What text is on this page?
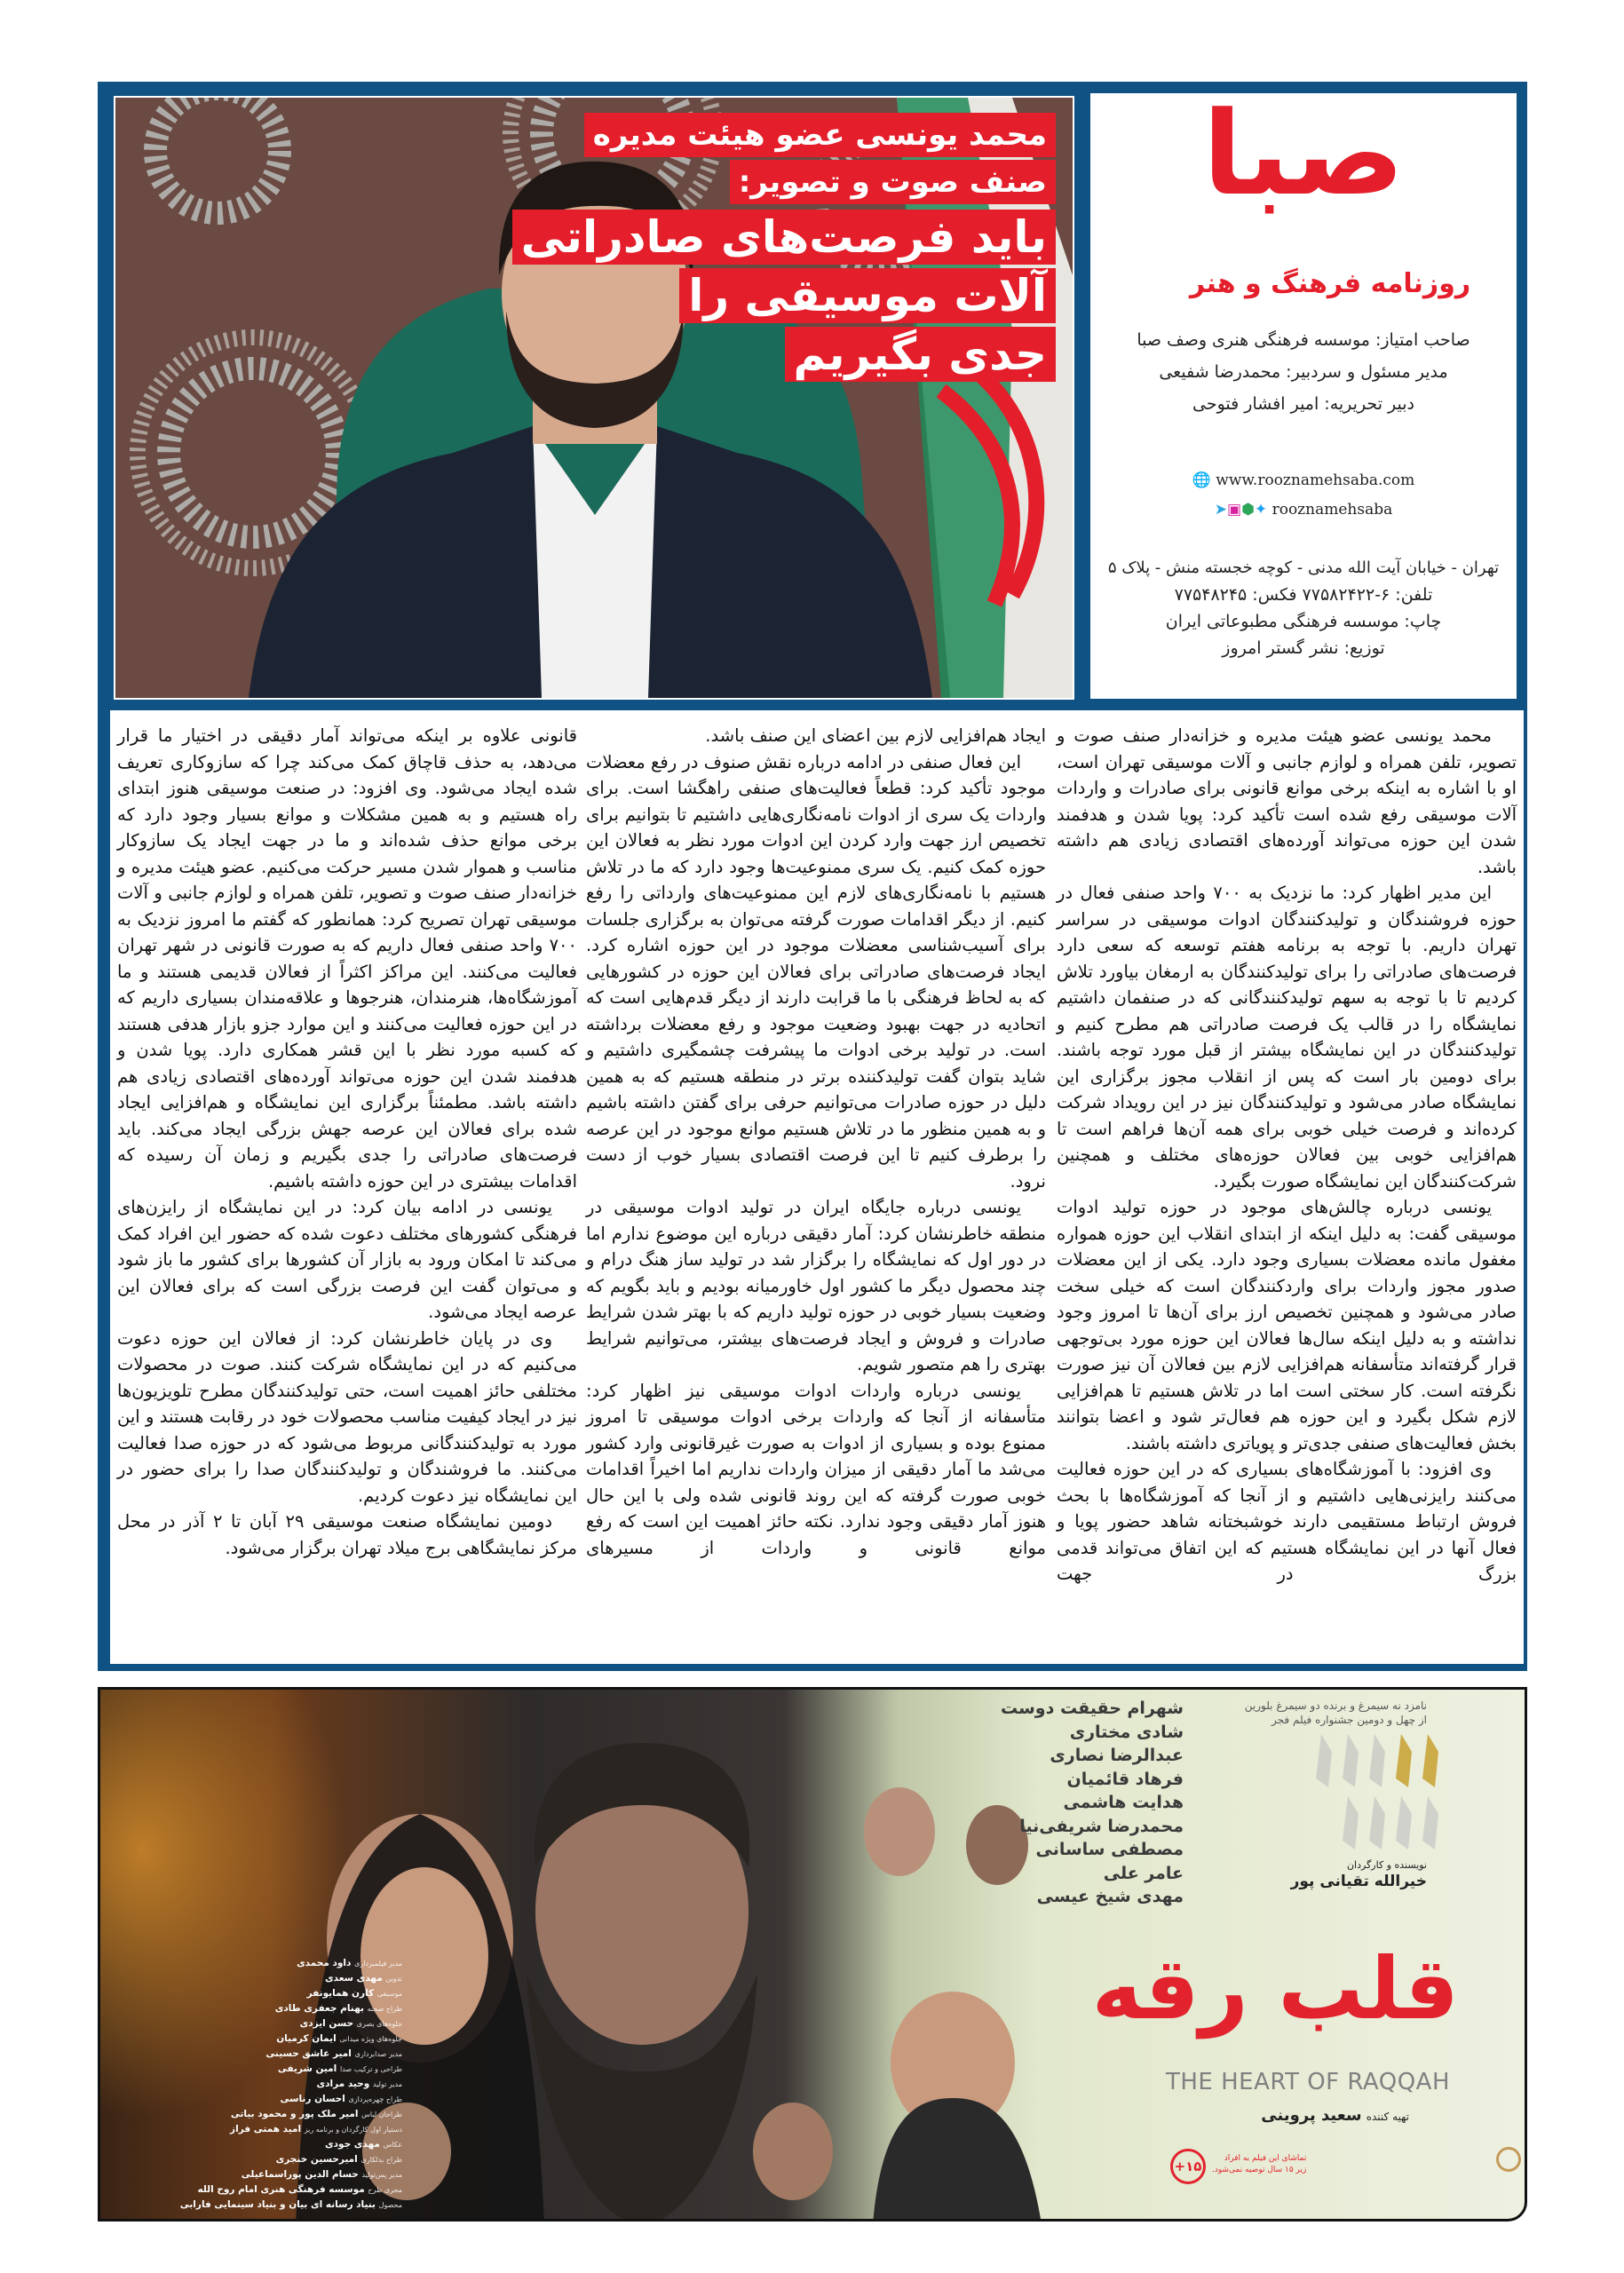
محمد یونسی عضو هیئت مدیره
صنف صوت و تصویر:
باید فرصت‌های صادراتی
آلات موسیقی را
جدی بگیریم
صبا
روزنامه فرهنگ و هنر
صاحب امتیاز: موسسه فرهنگی هنری وصف صبا
مدیر مسئول و سردبیر: محمدرضا شفیعی
دبیر تحریریه: امیر افشار فتوحی
🌐 www.rooznamehsaba.com
➤▣⬢✦ rooznamehsaba
تهران - خیابان آیت الله مدنی - کوچه خجسته منش - پلاک ۵
تلفن: ۶-۷۷۵۸۲۴۲۲ فکس: ۷۷۵۴۸۲۴۵
چاپ: موسسه فرهنگی مطبوعاتی ایران
توزیع: نشر گستر امروز

محمد یونسی عضو هیئت مدیره و خزانه‌دار صنف صوت و تصویر، تلفن همراه و لوازم جانبی و آلات موسیقی تهران است، او با اشاره به اینکه برخی موانع قانونی برای صادرات و واردات آلات موسیقی رفع شده است تأکید کرد: پویا شدن و هدفمند شدن این حوزه می‌تواند آورده‌های اقتصادی زیادی هم داشته باشد.

این مدیر اظهار کرد: ما نزدیک به ۷۰۰ واحد صنفی فعال در حوزه فروشندگان و تولیدکنندگان ادوات موسیقی در سراسر تهران داریم. با توجه به برنامه هفتم توسعه که سعی دارد فرصت‌های صادراتی را برای تولیدکنندگان به ارمغان بیاورد تلاش کردیم تا با توجه به سهم تولیدکنندگانی که در صنفمان داشتیم نمایشگاه را در قالب یک فرصت صادراتی هم مطرح کنیم و تولیدکنندگان در این نمایشگاه بیشتر از قبل مورد توجه باشند. برای دومین بار است که پس از انقلاب مجوز برگزاری این نمایشگاه صادر می‌شود و تولیدکنندگان نیز در این رویداد شرکت کرده‌اند و فرصت خیلی خوبی برای همه آن‌ها فراهم است تا هم‌افزایی خوبی بین فعالان حوزه‌های مختلف و همچنین شرکت‌کنندگان این نمایشگاه صورت بگیرد.

یونسی درباره چالش‌های موجود در حوزه تولید ادوات موسیقی گفت: به دلیل اینکه از ابتدای انقلاب این حوزه همواره مغفول مانده معضلات بسیاری وجود دارد. یکی از این معضلات صدور مجوز واردات برای واردکنندگان است که خیلی سخت صادر می‌شود و همچنین تخصیص ارز برای آن‌ها تا امروز وجود نداشته و به دلیل اینکه سال‌ها فعالان این حوزه مورد بی‌توجهی قرار گرفته‌اند متأسفانه هم‌افزایی لازم بین فعالان آن نیز صورت نگرفته است. کار سختی است اما در تلاش هستیم تا هم‌افزایی لازم شکل بگیرد و این حوزه هم فعال‌تر شود و اعضا بتوانند بخش فعالیت‌های صنفی جدی‌تر و پویاتری داشته باشند.

وی افزود: با آموزشگاه‌های بسیاری که در این حوزه فعالیت می‌کنند رایزنی‌هایی داشتیم و از آنجا که آموزشگاه‌ها با بحث فروش ارتباط مستقیمی دارند خوشبختانه شاهد حضور پویا و فعال آنها در این نمایشگاه هستیم که این اتفاق می‌تواند قدمی بزرگ در جهت

ایجاد هم‌افزایی لازم بین اعضای این صنف باشد.

این فعال صنفی در ادامه درباره نقش صنوف در رفع معضلات موجود تأکید کرد: قطعاً فعالیت‌های صنفی راهگشا است. برای واردات یک سری از ادوات نامه‌نگاری‌هایی داشتیم تا بتوانیم برای تخصیص ارز جهت وارد کردن این ادوات مورد نظر به فعالان این حوزه کمک کنیم. یک سری ممنوعیت‌ها وجود دارد که ما در تلاش هستیم با نامه‌نگاری‌های لازم این ممنوعیت‌های وارداتی را رفع کنیم. از دیگر اقدامات صورت گرفته می‌توان به برگزاری جلسات برای آسیب‌شناسی معضلات موجود در این حوزه اشاره کرد. ایجاد فرصت‌های صادراتی برای فعالان این حوزه در کشورهایی که به لحاظ فرهنگی با ما قرابت دارند از دیگر قدم‌هایی است که اتحادیه در جهت بهبود وضعیت موجود و رفع معضلات برداشته است. در تولید برخی ادوات ما پیشرفت چشمگیری داشتیم و شاید بتوان گفت تولیدکننده برتر در منطقه هستیم که به همین دلیل در حوزه صادرات می‌توانیم حرفی برای گفتن داشته باشیم و به همین منظور ما در تلاش هستیم موانع موجود در این عرصه را برطرف کنیم تا این فرصت اقتصادی بسیار خوب از دست نرود.

یونسی درباره جایگاه ایران در تولید ادوات موسیقی در منطقه خاطرنشان کرد: آمار دقیقی درباره این موضوع ندارم اما در دور اول که نمایشگاه را برگزار شد در تولید ساز هنگ درام و چند محصول دیگر ما کشور اول خاورمیانه بودیم و باید بگویم که وضعیت بسیار خوبی در حوزه تولید داریم که با بهتر شدن شرایط صادرات و فروش و ایجاد فرصت‌های بیشتر، می‌توانیم شرایط بهتری را هم متصور شویم.

یونسی درباره واردات ادوات موسیقی نیز اظهار کرد: متأسفانه از آنجا که واردات برخی ادوات موسیقی تا امروز ممنوع بوده و بسیاری از ادوات به صورت غیرقانونی وارد کشور می‌شد ما آمار دقیقی از میزان واردات نداریم اما اخیراً اقدامات خوبی صورت گرفته که این روند قانونی شده ولی با این حال هنوز آمار دقیقی وجود ندارد. نکته حائز اهمیت این است که رفع موانع قانونی و واردات از مسیرهای

قانونی علاوه بر اینکه می‌تواند آمار دقیقی در اختیار ما قرار می‌دهد، به حذف قاچاق کمک می‌کند چرا که سازوکاری تعریف شده ایجاد می‌شود. وی افزود: در صنعت موسیقی هنوز ابتدای راه هستیم و به همین مشکلات و موانع بسیار وجود دارد که برخی موانع حذف شده‌اند و ما در جهت ایجاد یک سازوکار مناسب و هموار شدن مسیر حرکت می‌کنیم. عضو هیئت مدیره و خزانه‌دار صنف صوت و تصویر، تلفن همراه و لوازم جانبی و آلات موسیقی تهران تصریح کرد: همانطور که گفتم ما امروز نزدیک به ۷۰۰ واحد صنفی فعال داریم که به صورت قانونی در شهر تهران فعالیت می‌کنند. این مراکز اکثراً از فعالان قدیمی هستند و ما آموزشگاه‌ها، هنرمندان، هنرجوها و علاقه‌مندان بسیاری داریم که در این حوزه فعالیت می‌کنند و این موارد جزو بازار هدفی هستند که کسبه مورد نظر با این قشر همکاری دارد. پویا شدن و هدفمند شدن این حوزه می‌تواند آورده‌های اقتصادی زیادی هم داشته باشد. مطمئناً برگزاری این نمایشگاه و هم‌افزایی ایجاد شده برای فعالان این عرصه جهش بزرگی ایجاد می‌کند. باید فرصت‌های صادراتی را جدی بگیریم و زمان آن رسیده که اقدامات بیشتری در این حوزه داشته باشیم.

یونسی در ادامه بیان کرد: در این نمایشگاه از رایزن‌های فرهنگی کشورهای مختلف دعوت شده که حضور این افراد کمک می‌کند تا امکان ورود به بازار آن کشورها برای کشور ما باز شود و می‌توان گفت این فرصت بزرگی است که برای فعالان این عرصه ایجاد می‌شود.

وی در پایان خاطرنشان کرد: از فعالان این حوزه دعوت می‌کنیم که در این نمایشگاه شرکت کنند. صوت در محصولات مختلفی حائز اهمیت است، حتی تولیدکنندگان مطرح تلویزیون‌ها نیز در ایجاد کیفیت مناسب محصولات خود در رقابت هستند و این مورد به تولیدکنندگانی مربوط می‌شود که در حوزه صدا فعالیت می‌کنند. ما فروشندگان و تولیدکنندگان صدا را برای حضور در این نمایشگاه نیز دعوت کردیم.

دومین نمایشگاه صنعت موسیقی ۲۹ آبان تا ۲ آذر در محل مرکز نمایشگاهی برج میلاد تهران برگزار می‌شود.

نامزد نه سیمرغ و برنده دو سیمرغ بلورین
از چهل و دومین جشنواره فیلم فجر
شهرام حقیقت دوست
شادی مختاری
عبدالرضا نصاری
فرهاد قائمیان
هدایت هاشمی
محمدرضا شریفی‌نیا
مصطفی ساسانی
عامر علی
مهدی شیخ عیسی
نویسنده و کارگردان
خیرالله تقیانی پور
قلب رقه
THE HEART OF RAQQAH
تهیه کننده سعید پروینی
+۱۵	تماشای این فیلم به افراد
زیر ۱۵ سال توصیه نمی‌شود.
مدیر فیلمبرداری داود محمدی
تدوین مهدی سعدی
موسیقی کارن همایونفر
طراح صحنه بهنام جعفری طادی
جلوه‌های بصری حسن ایزدی
جلوه‌های ویژه میدانی ایمان کرمیان
مدیر صدابرداری امیر عاشق حسینی
طراحی و ترکیب صدا امین شریفی
مدیر تولید وحید مرادی
طراح چهره‌پردازی احسان رناسی
طراحان لباس امیر ملک پور و محمود بیاتی
دستیار اول کارگردان و برنامه ریز امید همتی فراز
عکاس مهدی جودی
طراح بدلکاری امیرحسین خنجری
مدیر پس‌تولید حسام الدین پوراسماعیلی
مجری طرح موسسه فرهنگی هنری امام روح الله
محصول بنیاد رسانه ای بیان و بنیاد سینمایی فارابی
